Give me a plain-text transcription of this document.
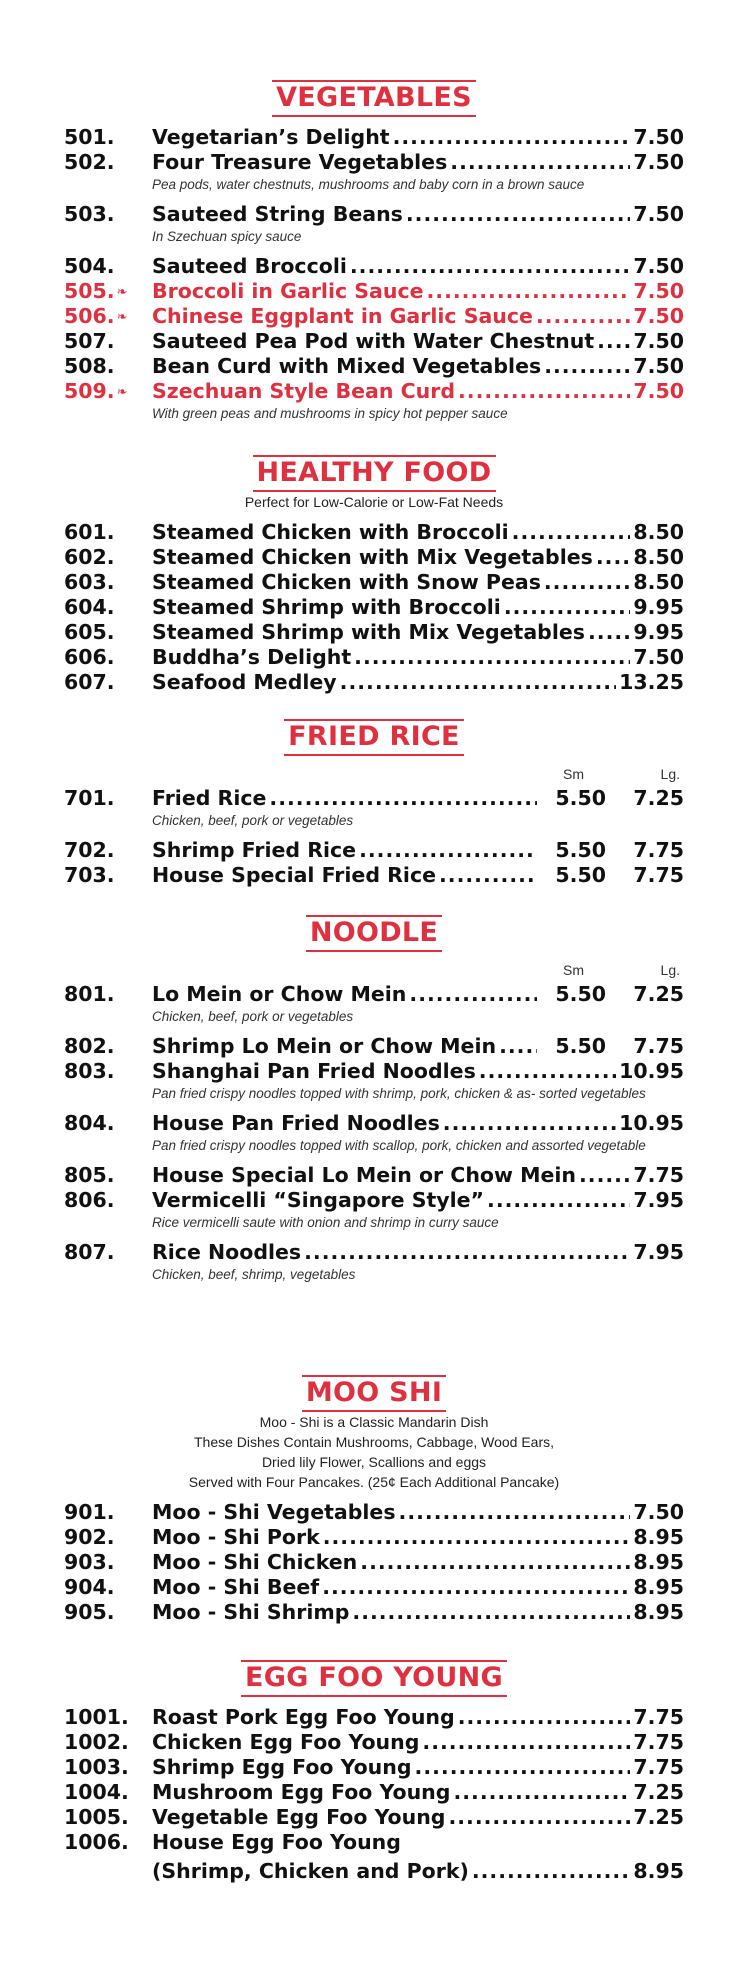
VEGETABLES
501.	Vegetarian’s Delight .....	7.50
502.	Four Treasure Vegetables .....	7.50
Pea pods, water chestnuts, mushrooms and baby corn in a brown sauce
503.	Sauteed String Beans .....	7.50
In Szechuan spicy sauce
504.	Sauteed Broccoli .....	7.50
505. ❧	Broccoli in Garlic Sauce .....	7.50
506. ❧	Chinese Eggplant in Garlic Sauce .....	7.50
507.	Sauteed Pea Pod with Water Chestnut ..... 7.50
508.	Bean Curd with Mixed Vegetables .....	7.50
509. ❧	Szechuan Style Bean Curd .....	7.50
With green peas and mushrooms in spicy hot pepper sauce
HEALTHY FOOD
Perfect for Low-Calorie or Low-Fat Needs
601.	Steamed Chicken with Broccoli .....	8.50
602.	Steamed Chicken with Mix Vegetables ..... 8.50
603.	Steamed Chicken with Snow Peas .....	8.50
604.	Steamed Shrimp with Broccoli .....	9.95
605.	Steamed Shrimp with Mix Vegetables ..... 9.95
606.	Buddha’s Delight .....	7.50
607.	Seafood Medley .....	13.25
FRIED RICE
Sm	Lg.
701.	Fried Rice .....	5.50	7.25
Chicken, beef, pork or vegetables
702.	Shrimp Fried Rice .....	5.50	7.75
703.	House Special Fried Rice .....	5.50	7.75
NOODLE
Sm	Lg.
801.	Lo Mein or Chow Mein .....	5.50	7.25
Chicken, beef, pork or vegetables
802.	Shrimp Lo Mein or Chow Mein .....	5.50	7.75
803.	Shanghai Pan Fried Noodles .....	10.95
Pan fried crispy noodles topped with shrimp, pork, chicken & as- sorted vegetables
804.	House Pan Fried Noodles .....	10.95
Pan fried crispy noodles topped with scallop, pork, chicken and assorted vegetable
805.	House Special Lo Mein or Chow Mein .....	7.75
806.	Vermicelli “Singapore Style” .....	7.95
Rice vermicelli saute with onion and shrimp in curry sauce
807.	Rice Noodles .....	7.95
Chicken, beef, shrimp, vegetables
MOO SHI
Moo - Shi is a Classic Mandarin Dish
These Dishes Contain Mushrooms, Cabbage, Wood Ears,
Dried lily Flower, Scallions and eggs
Served with Four Pancakes. (25¢ Each Additional Pancake)
901.	Moo - Shi Vegetables .....	7.50
902.	Moo - Shi Pork .....	8.95
903.	Moo - Shi Chicken .....	8.95
904.	Moo - Shi Beef .....	8.95
905.	Moo - Shi Shrimp .....	8.95
EGG FOO YOUNG
1001.	Roast Pork Egg Foo Young .....	7.75
1002.	Chicken Egg Foo Young .....	7.75
1003.	Shrimp Egg Foo Young .....	7.75
1004.	Mushroom Egg Foo Young .....	7.25
1005.	Vegetable Egg Foo Young .....	7.25
1006.	House Egg Foo Young
(Shrimp, Chicken and Pork) .....	8.95
